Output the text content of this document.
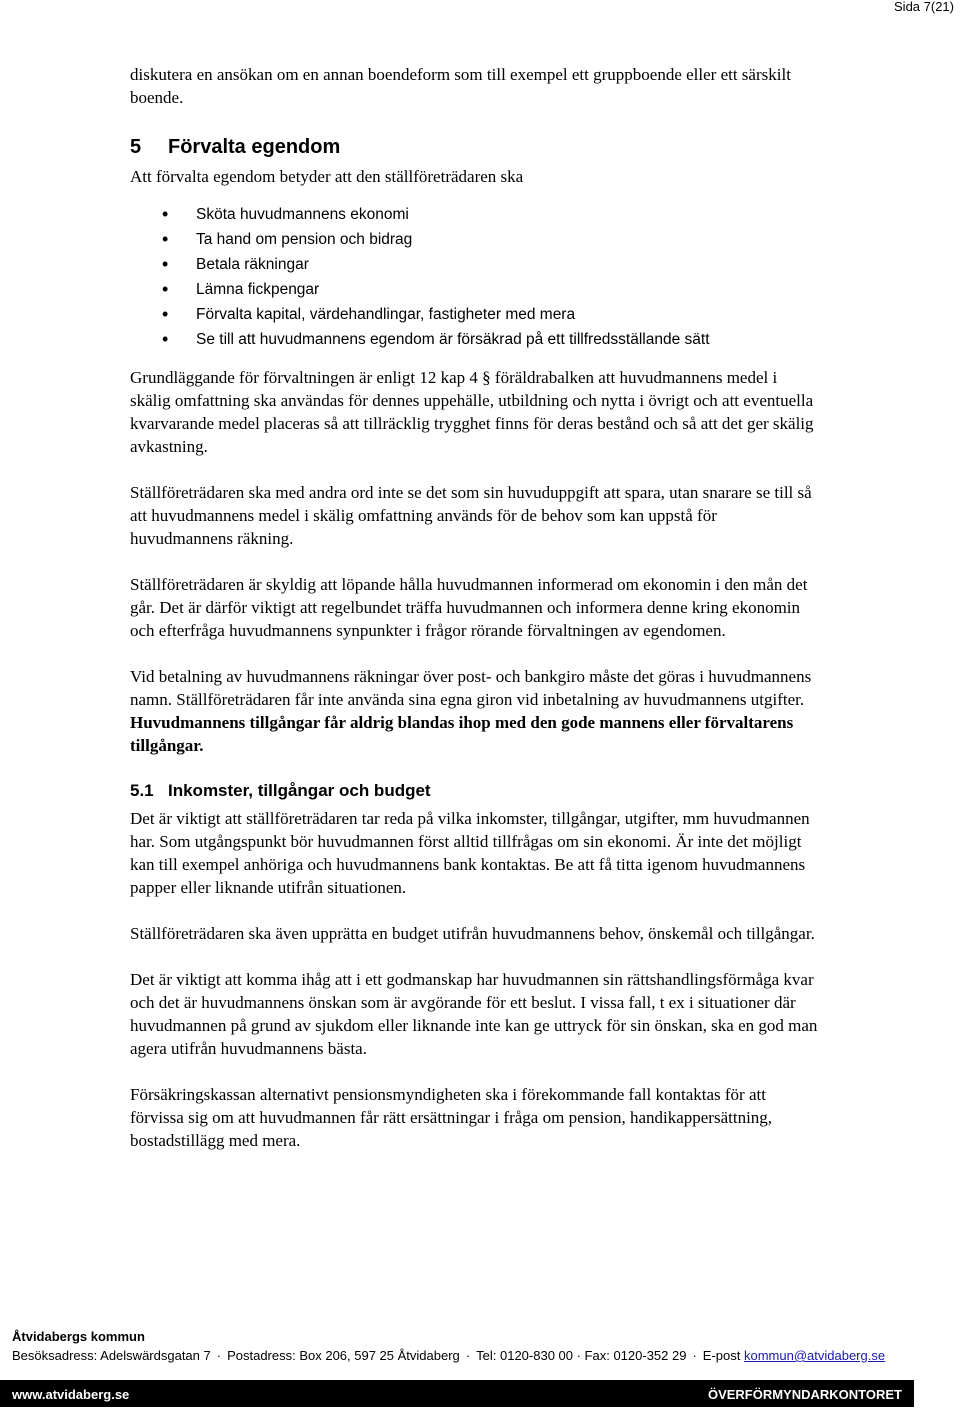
Sida 7(21)

diskutera en ansökan om en annan boendeform som till exempel ett gruppboende eller ett särskilt boende.

5 Förvalta egendom

Att förvalta egendom betyder att den ställföreträdaren ska

• Sköta huvudmannens ekonomi
• Ta hand om pension och bidrag
• Betala räkningar
• Lämna fickpengar
• Förvalta kapital, värdehandlingar, fastigheter med mera
• Se till att huvudmannens egendom är försäkrad på ett tillfredsställande sätt

Grundläggande för förvaltningen är enligt 12 kap 4 § föräldrabalken att huvudmannens medel i skälig omfattning ska användas för dennes uppehälle, utbildning och nytta i övrigt och att eventuella kvarvarande medel placeras så att tillräcklig trygghet finns för deras bestånd och så att det ger skälig avkastning.

Ställföreträdaren ska med andra ord inte se det som sin huvuduppgift att spara, utan snarare se till så att huvudmannens medel i skälig omfattning används för de behov som kan uppstå för huvudmannens räkning.

Ställföreträdaren är skyldig att löpande hålla huvudmannen informerad om ekonomin i den mån det går. Det är därför viktigt att regelbundet träffa huvudmannen och informera denne kring ekonomin och efterfråga huvudmannens synpunkter i frågor rörande förvaltningen av egendomen.

Vid betalning av huvudmannens räkningar över post- och bankgiro måste det göras i huvudmannens namn. Ställföreträdaren får inte använda sina egna giron vid inbetalning av huvudmannens utgifter. Huvudmannens tillgångar får aldrig blandas ihop med den gode mannens eller förvaltarens tillgångar.

5.1 Inkomster, tillgångar och budget

Det är viktigt att ställföreträdaren tar reda på vilka inkomster, tillgångar, utgifter, mm huvudmannen har. Som utgångspunkt bör huvudmannen först alltid tillfrågas om sin ekonomi. Är inte det möjligt kan till exempel anhöriga och huvudmannens bank kontaktas. Be att få titta igenom huvudmannens papper eller liknande utifrån situationen.

Ställföreträdaren ska även upprätta en budget utifrån huvudmannens behov, önskemål och tillgångar.

Det är viktigt att komma ihåg att i ett godmanskap har huvudmannen sin rättshandlingsförmåga kvar och det är huvudmannens önskan som är avgörande för ett beslut. I vissa fall, t ex i situationer där huvudmannen på grund av sjukdom eller liknande inte kan ge uttryck för sin önskan, ska en god man agera utifrån huvudmannens bästa.

Försäkringskassan alternativt pensionsmyndigheten ska i förekommande fall kontaktas för att förvissa sig om att huvudmannen får rätt ersättningar i fråga om pension, handikappersättning, bostadstillägg med mera.

Åtvidabergs kommun
Besöksadress: Adelswärdsgatan 7 · Postadress: Box 206, 597 25 Åtvidaberg · Tel: 0120-830 00 · Fax: 0120-352 29 · E-post kommun@atvidaberg.se
www.atvidaberg.se	ÖVERFÖRMYNDARKONTORET
